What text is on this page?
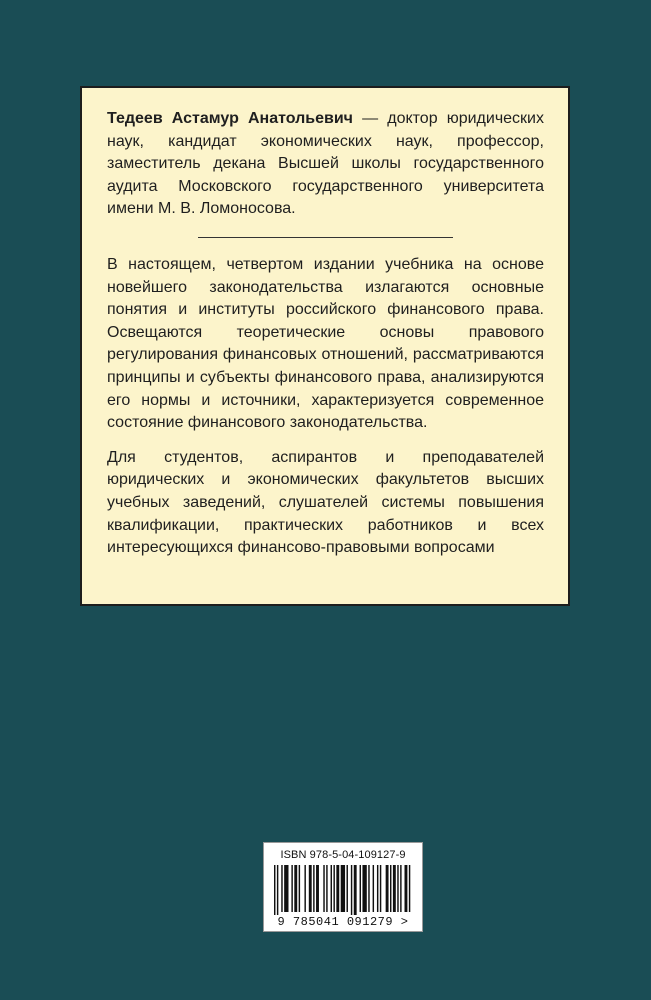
Тедеев Астамур Анатольевич — доктор юридических наук, кандидат экономических наук, профессор, заместитель декана Высшей школы государственного аудита Московского государственного университета имени М. В. Ломоносова.

В настоящем, четвертом издании учебника на основе новейшего законодательства излагаются основные понятия и институты российского финансового права. Освещаются теоретические основы правового регулирования финансовых отношений, рассматриваются принципы и субъекты финансового права, анализируются его нормы и источники, характеризуется современное состояние финансового законодательства.

Для студентов, аспирантов и преподавателей юридических и экономических факультетов высших учебных заведений, слушателей системы повышения квалификации, практических работников и всех интересующихся финансово-правовыми вопросами

ISBN 978-5-04-109127-9
9 785041 091279 >
